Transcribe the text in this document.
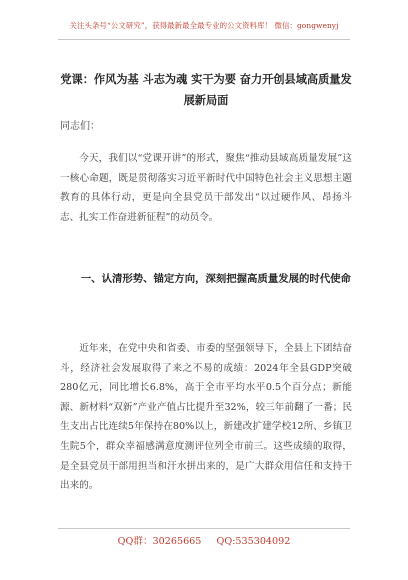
关注头条号“公文研究”，获得最新最全最专业的公文资料库！ 微信：gongwenyj
党课：作风为基 斗志为魂 实干为要 奋力开创县域高质量发展新局面
同志们：

今天，我们以“党课开讲”的形式，聚焦“推动县域高质量发展”这一核心命题，既是贯彻落实习近平新时代中国特色社会主义思想主题教育的具体行动，更是向全县党员干部发出“以过硬作风、昂扬斗志、扎实工作奋进新征程”的动员令。

一、认清形势、锚定方向，深刻把握高质量发展的时代使命

近年来，在党中央和省委、市委的坚强领导下，全县上下团结奋斗，经济社会发展取得了来之不易的成绩：2024年全县GDP突破280亿元，同比增长6.8%，高于全市平均水平0.5个百分点；新能源、新材料“双新”产业产值占比提升至32%，较三年前翻了一番；民生支出占比连续5年保持在80%以上，新建改扩建学校12所、乡镇卫生院5个，群众幸福感满意度测评位列全市前三。这些成绩的取得，是全县党员干部用担当和汗水拼出来的，是广大群众用信任和支持干出来的。

QQ群：30265665 QQ:535304092
